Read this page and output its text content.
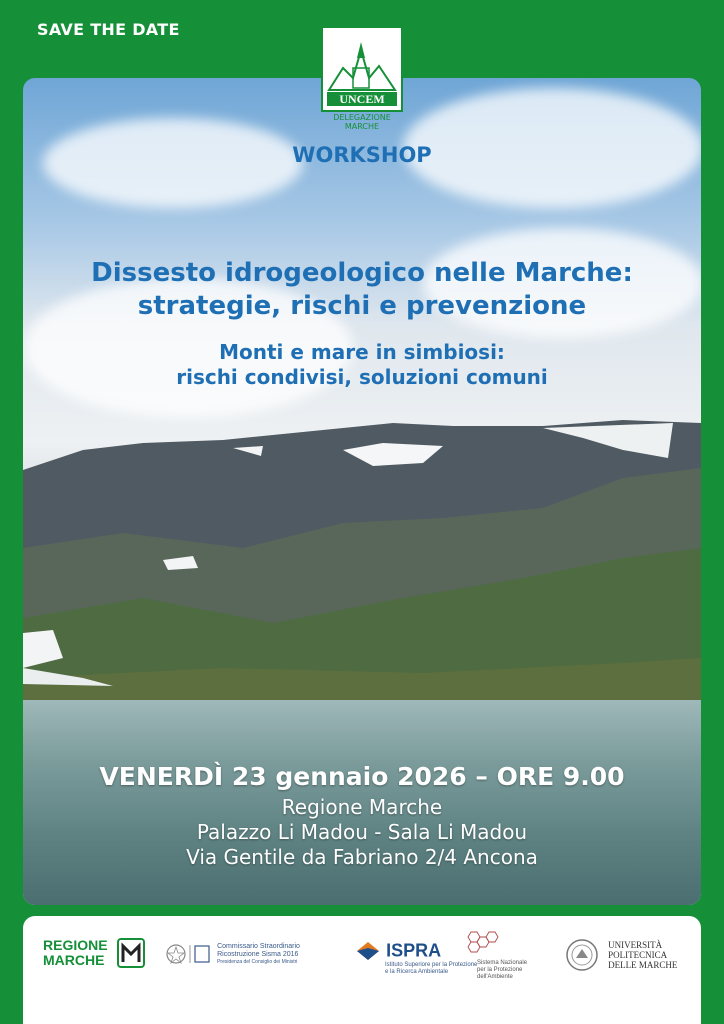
SAVE THE DATE
UNCEM
DELEGAZIONE
MARCHE
WORKSHOP
Dissesto idrogeologico nelle Marche:
strategie, rischi e prevenzione
Monti e mare in simbiosi:
rischi condivisi, soluzioni comuni
VENERDÌ 23 gennaio 2026 – ORE 9.00
Regione Marche
Palazzo Li Madou - Sala Li Madou
Via Gentile da Fabriano 2/4 Ancona
REGIONE
MARCHE

Commissario Straordinario
Ricostruzione Sisma 2016
Presidenza del Consiglio dei Ministri
ISPRA
Istituto Superiore per la Protezione
e la Ricerca Ambientale
Sistema Nazionale
per la Protezione
dell'Ambiente

UNIVERSITÀ
POLITECNICA
DELLE MARCHE
